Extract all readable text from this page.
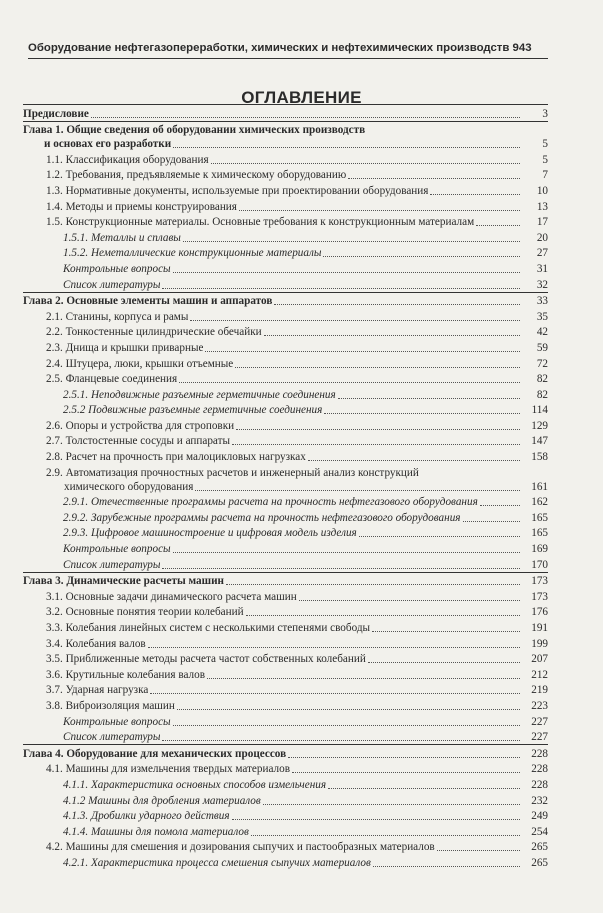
Оборудование нефтегазопереработки, химических и нефтехимических производств 943
ОГЛАВЛЕНИЕ
Предисловие	3
Глава 1. Общие сведения об оборудовании химических производств
и основах его разработки	5
1.1. Классификация оборудования	5
1.2. Требования, предъявляемые к химическому оборудованию	7
1.3. Нормативные документы, используемые при проектировании оборудования	10
1.4. Методы и приемы конструирования	13
1.5. Конструкционные материалы. Основные требования к конструкционным материалам	17
1.5.1. Металлы и сплавы	20
1.5.2. Неметаллические конструкционные материалы	27
Контрольные вопросы	31
Список литературы	32
Глава 2. Основные элементы машин и аппаратов	33
2.1. Станины, корпуса и рамы	35
2.2. Тонкостенные цилиндрические обечайки	42
2.3. Днища и крышки приварные	59
2.4. Штуцера, люки, крышки отъемные	72
2.5. Фланцевые соединения	82
2.5.1. Неподвижные разъемные герметичные соединения	82
2.5.2 Подвижные разъемные герметичные соединения	114
2.6. Опоры и устройства для строповки	129
2.7. Толстостенные сосуды и аппараты	147
2.8. Расчет на прочность при малоцикловых нагрузках	158
2.9. Автоматизация прочностных расчетов и инженерный анализ конструкций
химического оборудования	161
2.9.1. Отечественные программы расчета на прочность нефтегазового оборудования	162
2.9.2. Зарубежные программы расчета на прочность нефтегазового оборудования	165
2.9.3. Цифровое машиностроение и цифровая модель изделия	165
Контрольные вопросы	169
Список литературы	170
Глава 3. Динамические расчеты машин	173
3.1. Основные задачи динамического расчета машин	173
3.2. Основные понятия теории колебаний	176
3.3. Колебания линейных систем с несколькими степенями свободы	191
3.4. Колебания валов	199
3.5. Приближенные методы расчета частот собственных колебаний	207
3.6. Крутильные колебания валов	212
3.7. Ударная нагрузка	219
3.8. Виброизоляция машин	223
Контрольные вопросы	227
Список литературы	227
Глава 4. Оборудование для механических процессов	228
4.1. Машины для измельчения твердых материалов	228
4.1.1. Характеристика основных способов измельчения	228
4.1.2 Машины для дробления материалов	232
4.1.3. Дробилки ударного действия	249
4.1.4. Машины для помола материалов	254
4.2. Машины для смешения и дозирования сыпучих и пастообразных материалов	265
4.2.1. Характеристика процесса смешения сыпучих материалов	265
